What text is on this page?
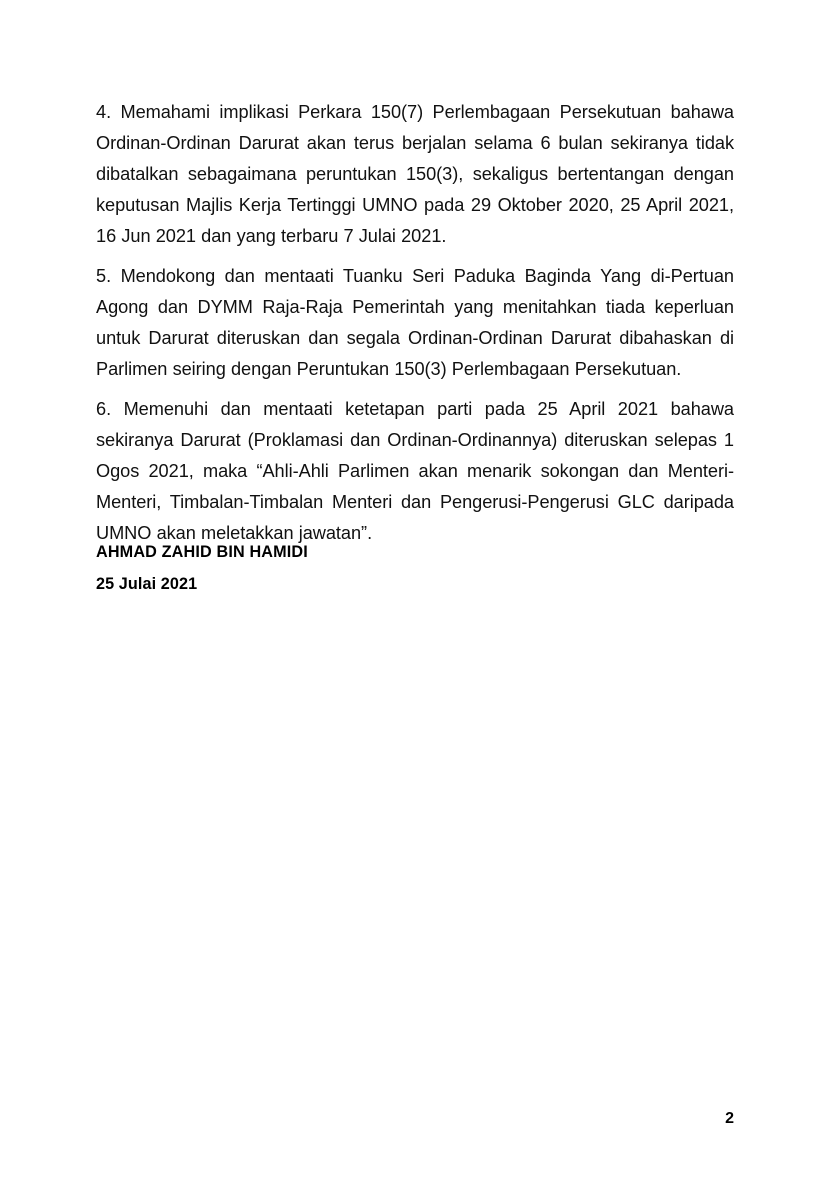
4. Memahami implikasi Perkara 150(7) Perlembagaan Persekutuan bahawa Ordinan-Ordinan Darurat akan terus berjalan selama 6 bulan sekiranya tidak dibatalkan sebagaimana peruntukan 150(3), sekaligus bertentangan dengan keputusan Majlis Kerja Tertinggi UMNO pada 29 Oktober 2020, 25 April 2021, 16 Jun 2021 dan yang terbaru 7 Julai 2021.

5. Mendokong dan mentaati Tuanku Seri Paduka Baginda Yang di-Pertuan Agong dan DYMM Raja-Raja Pemerintah yang menitahkan tiada keperluan untuk Darurat diteruskan dan segala Ordinan-Ordinan Darurat dibahaskan di Parlimen seiring dengan Peruntukan 150(3) Perlembagaan Persekutuan.

6. Memenuhi dan mentaati ketetapan parti pada 25 April 2021 bahawa sekiranya Darurat (Proklamasi dan Ordinan-Ordinannya) diteruskan selepas 1 Ogos 2021, maka “Ahli-Ahli Parlimen akan menarik sokongan dan Menteri-Menteri, Timbalan-Timbalan Menteri dan Pengerusi-Pengerusi GLC daripada UMNO akan meletakkan jawatan”.

AHMAD ZAHID BIN HAMIDI

25 Julai 2021

2
